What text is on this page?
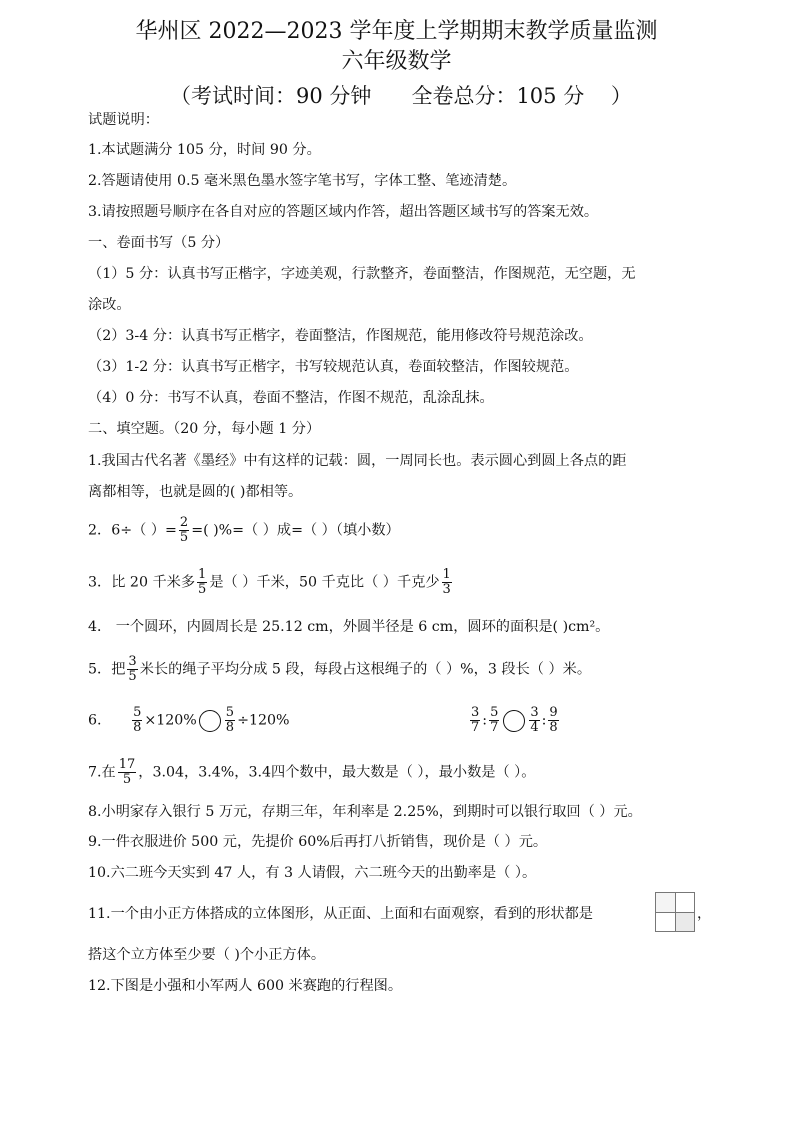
华州区 2022—2023 学年度上学期期末教学质量监测
六年级数学
（考试时间：90 分钟      全卷总分：105 分    ）
试题说明：
1.本试题满分 105 分，时间 90 分。
2.答题请使用 0.5 毫米黑色墨水签字笔书写，字体工整、笔迹清楚。
3.请按照题号顺序在各自对应的答题区域内作答，超出答题区域书写的答案无效。
一、卷面书写（5 分）
（1）5 分：认真书写正楷字，字迹美观，行款整齐，卷面整洁，作图规范，无空题，无
涂改。
（2）3-4 分：认真书写正楷字，卷面整洁，作图规范，能用修改符号规范涂改。
（3）1-2 分：认真书写正楷字，书写较规范认真，卷面较整洁，作图较规范。
（4）0 分：书写不认真，卷面不整洁，作图不规范，乱涂乱抹。
二、填空题。（20 分，每小题 1 分）
1.我国古代名著《墨经》中有这样的记载：圆，一周同长也。表示圆心到圆上各点的距
离都相等，也就是圆的( )都相等。
2．6÷（ ）= $\frac{2}{5}$ =( )%=（ ）成=（ ）（填小数）
3．比 20 千米多 $\frac{1}{5}$ 是（ ）千米，50 千克比（ ）千克少 $\frac{1}{3}$
4． 一个圆环，内圆周长是 25.12 cm，外圆半径是 6 cm，圆环的面积是( )cm²。
5．把 $\frac{3}{5}$ 米长的绳子平均分成 5 段，每段占这根绳子的（ ）%，3 段长（ ）米。
6. $\frac{5}{8} \times 120\% \frac{5}{8} \div 120\%$	$\frac{3}{7}$ : $\frac{5}{7} \frac{3}{4}$ : $\frac{9}{8}$
7.在 $\frac{17}{5}$ ，3.04，3.4%，3.4̇四个数中，最大数是（ ），最小数是（ ）。
8.小明家存入银行 5 万元，存期三年，年利率是 2.25%，到期时可以银行取回（ ）元。
9.一件衣服进价 500 元，先提价 60%后再打八折销售，现价是（ ）元。
10.六二班今天实到 47 人，有 3 人请假，六二班今天的出勤率是（ ）。
11.一个由小正方体搭成的立体图形，从正面、上面和右面观察，看到的形状都是	，
搭这个立方体至少要（ )个小正方体。
12.下图是小强和小军两人 600 米赛跑的行程图。
